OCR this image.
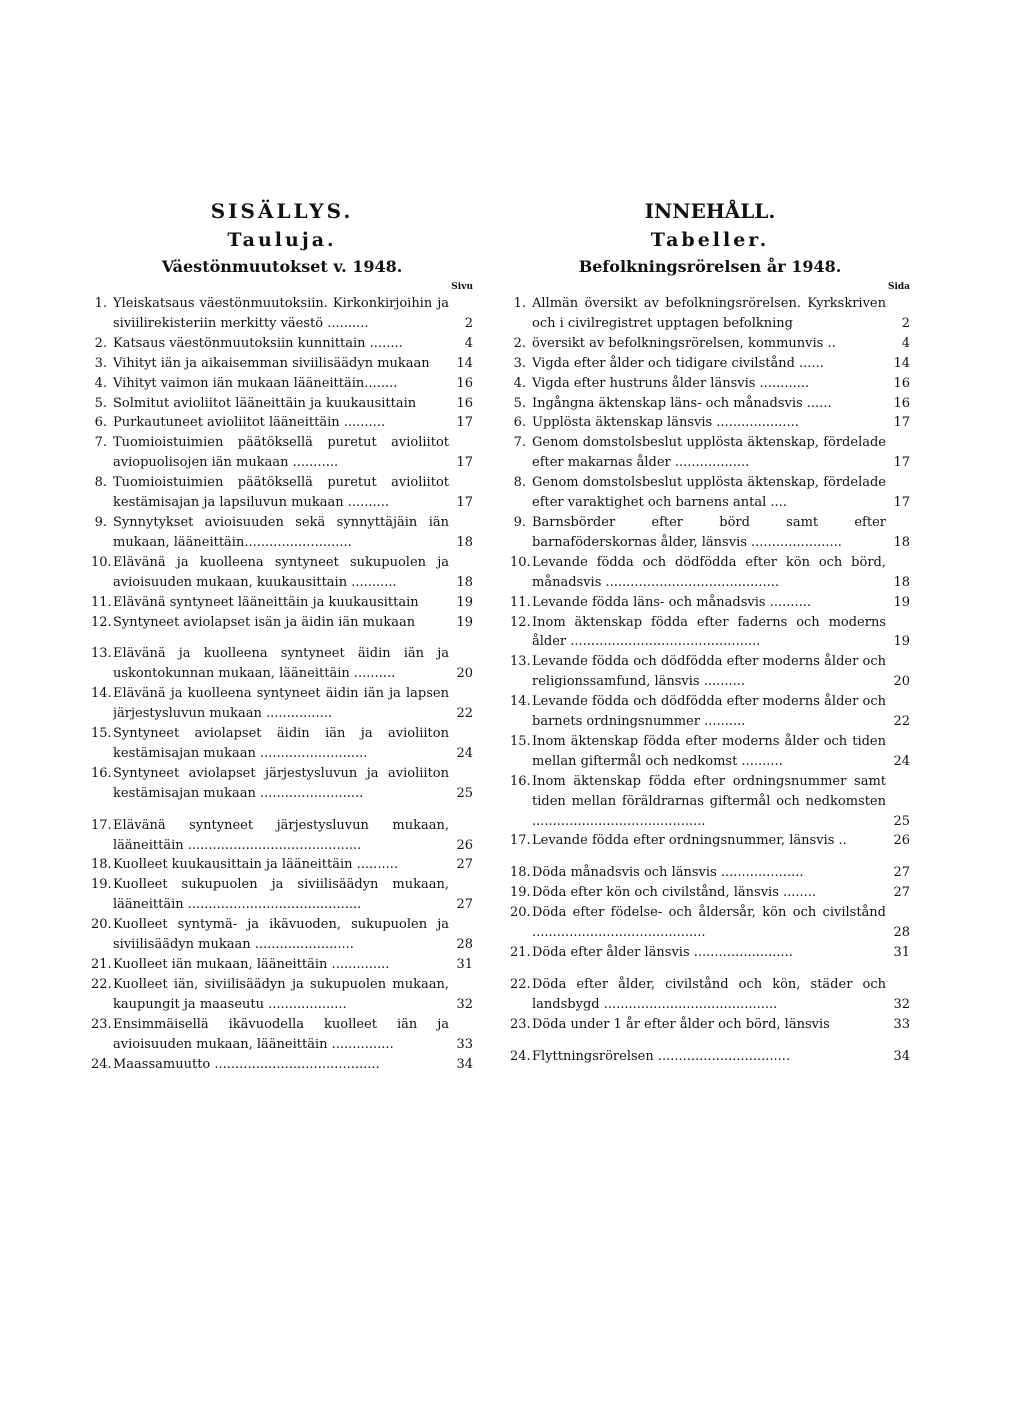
SISÄLLYS.
Tauluja.
Väestönmuutokset v. 1948.
Sivu
1. Yleiskatsaus väestönmuutoksiin. Kirkonkirjoihin ja siviilirekisteriin merkitty väestö ..........	2
2. Katsaus väestönmuutoksiin kunnittain ........	4
3. Vihityt iän ja aikaisemman siviilisäädyn mukaan	14
4. Vihityt vaimon iän mukaan lääneittäin........	16
5. Solmitut avioliitot lääneittäin ja kuukausittain	16
6. Purkautuneet avioliitot lääneittäin ..........	17
7. Tuomioistuimien päätöksellä puretut avioliitot aviopuolisojen iän mukaan ...........	17
8. Tuomioistuimien päätöksellä puretut avioliitot kestämisajan ja lapsiluvun mukaan ..........	17
9. Synnytykset avioisuuden sekä synnyttäjäin iän mukaan, lääneittäin..........................	18
10. Elävänä ja kuolleena syntyneet sukupuolen ja avioisuuden mukaan, kuukausittain ...........	18
11. Elävänä syntyneet lääneittäin ja kuukausittain	19
12. Syntyneet aviolapset isän ja äidin iän mukaan	19
13. Elävänä ja kuolleena syntyneet äidin iän ja uskontokunnan mukaan, lääneittäin ..........	20
14. Elävänä ja kuolleena syntyneet äidin iän ja lapsen järjestysluvun mukaan ................	22
15. Syntyneet aviolapset äidin iän ja avioliiton kestämisajan mukaan ..........................	24
16. Syntyneet aviolapset järjestysluvun ja avioliiton kestämisajan mukaan .........................	25
17. Elävänä syntyneet järjestysluvun mukaan, lääneittäin ..........................................	26
18. Kuolleet kuukausittain ja lääneittäin ..........	27
19. Kuolleet sukupuolen ja siviilisäädyn mukaan, lääneittäin ..........................................	27
20. Kuolleet syntymä- ja ikävuoden, sukupuolen ja siviilisäädyn mukaan ........................	28
21. Kuolleet iän mukaan, lääneittäin ..............	31
22. Kuolleet iän, siviilisäädyn ja sukupuolen mukaan, kaupungit ja maaseutu ...................	32
23. Ensimmäisellä ikävuodella kuolleet iän ja avioisuuden mukaan, lääneittäin ...............	33
24. Maassamuutto ........................................	34
INNEHÅLL.
Tabeller.
Befolkningsrörelsen år 1948.
Sida
1. Allmän översikt av befolkningsrörelsen. Kyrkskriven och i civilregistret upptagen befolkning	2
2. översikt av befolkningsrörelsen, kommunvis ..	4
3. Vigda efter ålder och tidigare civilstånd ......	14
4. Vigda efter hustruns ålder länsvis ............	16
5. Ingångna äktenskap läns- och månadsvis ......	16
6. Upplösta äktenskap länsvis ....................	17
7. Genom domstolsbeslut upplösta äktenskap, fördelade efter makarnas ålder ..................	17
8. Genom domstolsbeslut upplösta äktenskap, fördelade efter varaktighet och barnens antal ....	17
9. Barnsbörder efter börd samt efter barnaföderskornas ålder, länsvis ......................	18
10. Levande födda och dödfödda efter kön och börd, månadsvis ..........................................	18
11. Levande födda läns- och månadsvis ..........	19
12. Inom äktenskap födda efter faderns och moderns ålder ..............................................	19
13. Levande födda och dödfödda efter moderns ålder och religionssamfund, länsvis ..........	20
14. Levande födda och dödfödda efter moderns ålder och barnets ordningsnummer ..........	22
15. Inom äktenskap födda efter moderns ålder och tiden mellan giftermål och nedkomst ..........	24
16. Inom äktenskap födda efter ordningsnummer samt tiden mellan föräldrarnas giftermål och nedkomsten ..........................................	25
17. Levande födda efter ordningsnummer, länsvis ..	26
18. Döda månadsvis och länsvis ....................	27
19. Döda efter kön och civilstånd, länsvis ........	27
20. Döda efter födelse- och åldersår, kön och civilstånd ..........................................	28
21. Döda efter ålder länsvis ........................	31
22. Döda efter ålder, civilstånd och kön, städer och landsbygd ..........................................	32
23. Döda under 1 år efter ålder och börd, länsvis	33
24. Flyttningsrörelsen ................................	34
